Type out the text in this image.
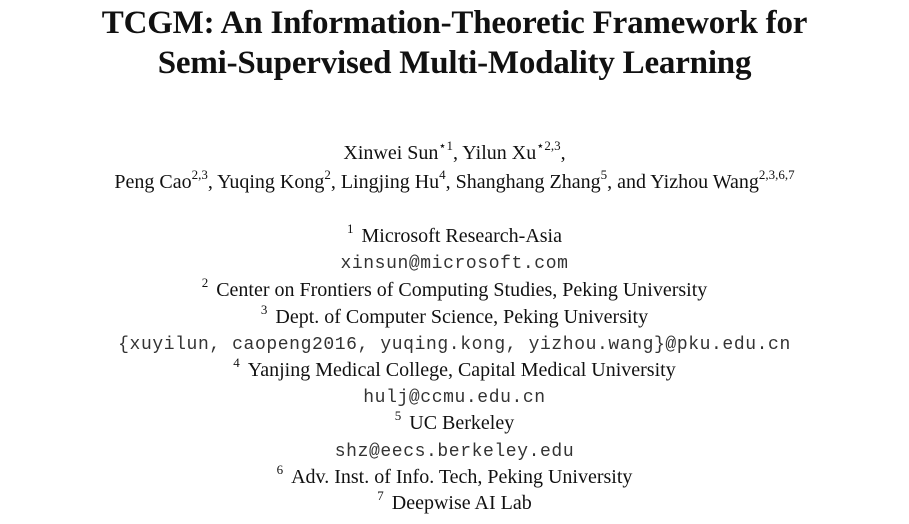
TCGM: An Information-Theoretic Framework for
Semi-Supervised Multi-Modality Learning
Xinwei Sun$^{⋆1}$, Yilun $Xu^{⋆2,3}$,
Peng Cao$^{2,3}$, Yuqing Kong$^2$, Lingjing Hu$^4$, Shanghang Zhang$^5$, and Yizhou Wang$^{2,3,6,7}$
$^1$ Microsoft Research-Asia
xinsun@microsoft.com
$^2$ Center on Frontiers of Computing Studies, Peking University
$^3$ Dept. of Computer Science, Peking University
{xuyilun, caopeng2016, yuqing.kong, yizhou.wang}@pku.edu.cn
$^4$ Yanjing Medical College, Capital Medical University
hulj@ccmu.edu.cn
$^5$ UC Berkeley
shz@eecs.berkeley.edu
$^6$ Adv. Inst. of Info. Tech, Peking University
$^7$ Deepwise AI Lab
